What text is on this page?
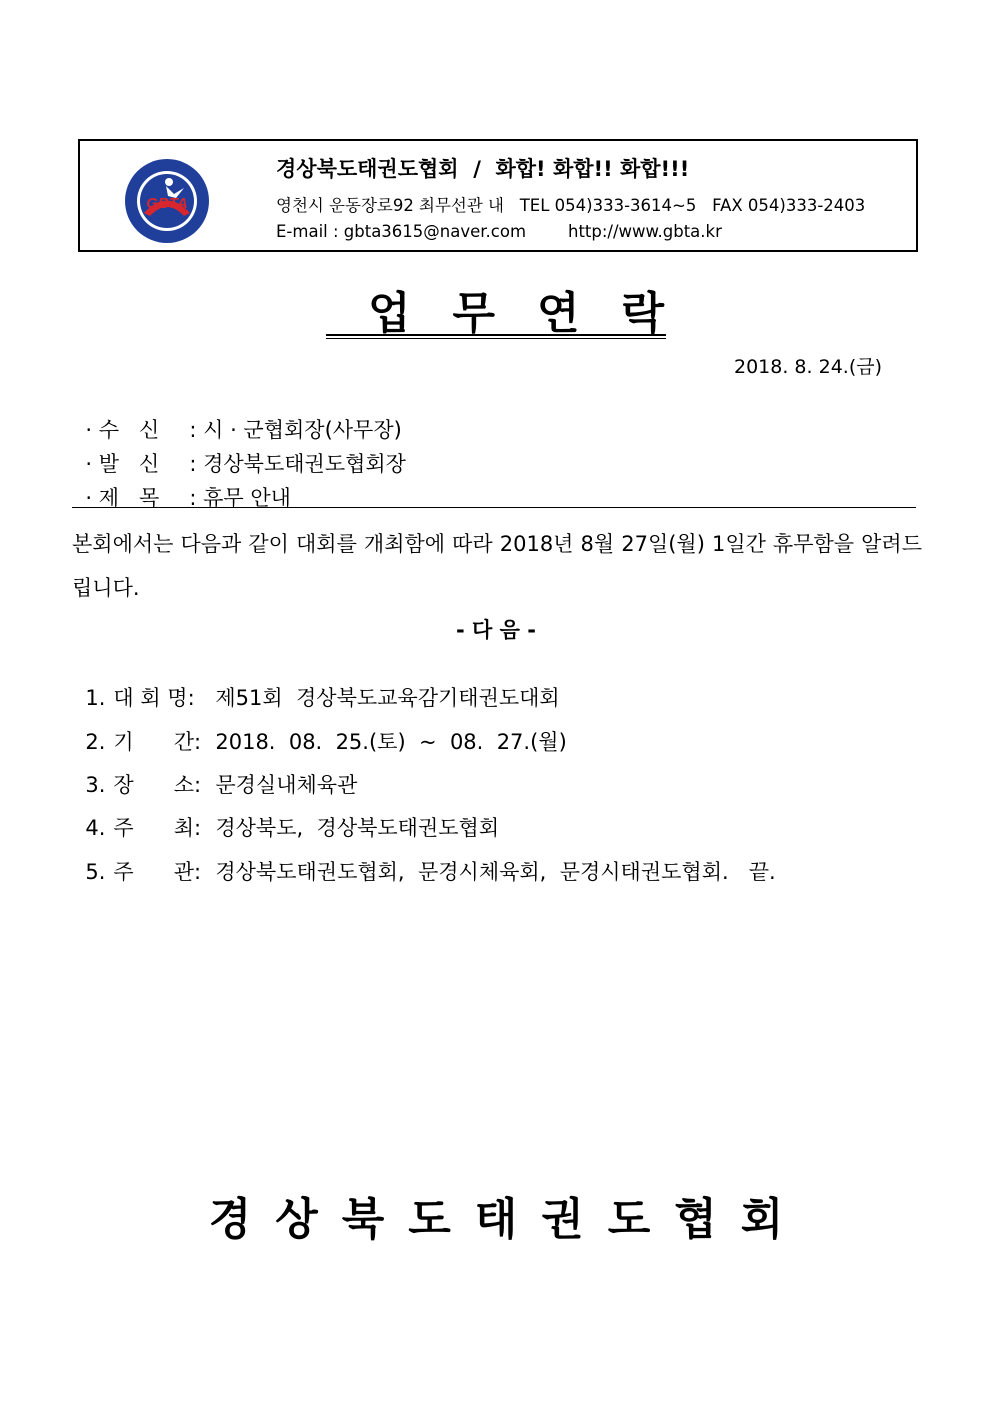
GBTA
경상북도태권도협회  /  화합! 화합!! 화합!!!
영천시 운동장로92 최무선관 내   TEL 054)333-3614~5   FAX 054)333-2403
E-mail : gbta3615@naver.com        http://www.gbta.kr
업무연락
2018. 8. 24.(금)

· 수   신 : 시 · 군협회장(사무장)

· 발   신 : 경상북도태권도협회장

· 제   목 : 휴무 안내

본회에서는 다음과 같이 대회를 개최함에 따라 2018년 8월 27일(월) 1일간 휴무함을 알려드립니다.
- 다 음 -

1. 대 회 명: 제51회  경상북도교육감기태권도대회

2. 기      간: 2018.  08.  25.(토)  ~  08.  27.(월)

3. 장      소: 문경실내체육관

4. 주      최: 경상북도,  경상북도태권도협회

5. 주      관: 경상북도태권도협회,  문경시체육회,  문경시태권도협회.   끝.

경상북도태권도협회
